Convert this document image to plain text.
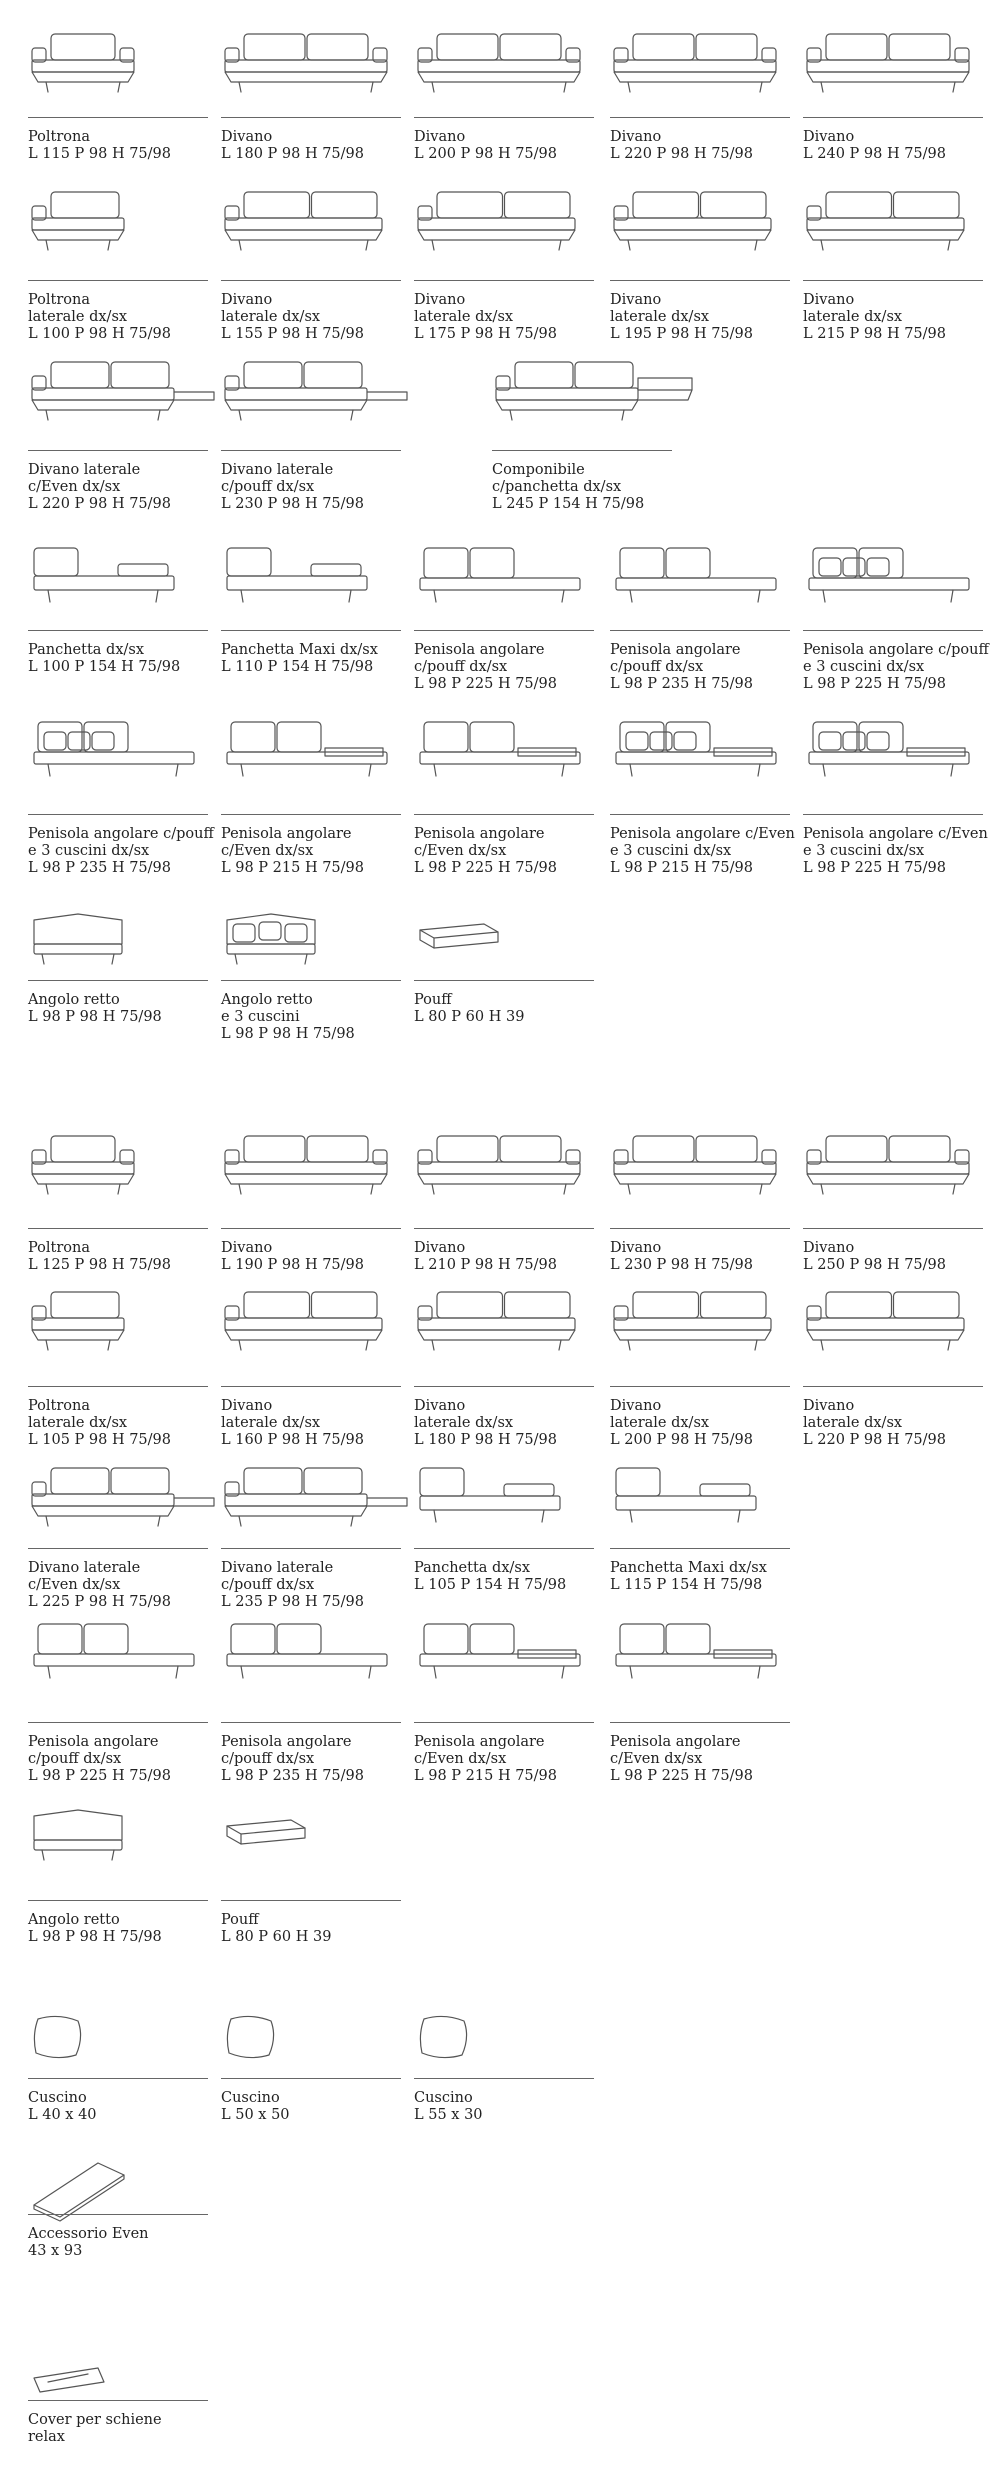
Poltrona
L 115 P 98 H 75/98
Divano
L 180 P 98 H 75/98
Divano
L 200 P 98 H 75/98
Divano
L 220 P 98 H 75/98
Divano
L 240 P 98 H 75/98
Poltrona
laterale dx/sx
L 100 P 98 H 75/98
Divano
laterale dx/sx
L 155 P 98 H 75/98
Divano
laterale dx/sx
L 175 P 98 H 75/98
Divano
laterale dx/sx
L 195 P 98 H 75/98
Divano
laterale dx/sx
L 215 P 98 H 75/98
Divano laterale
c/Even dx/sx
L 220 P 98 H 75/98
Divano laterale
c/pouff dx/sx
L 230 P 98 H 75/98
Componibile
c/panchetta dx/sx
L 245 P 154 H 75/98
Panchetta dx/sx
L 100 P 154 H 75/98
Panchetta Maxi dx/sx
L 110 P 154 H 75/98
Penisola angolare
c/pouff dx/sx
L 98 P 225 H 75/98
Penisola angolare
c/pouff dx/sx
L 98 P 235 H 75/98
Penisola angolare c/pouff
e 3 cuscini dx/sx
L 98 P 225 H 75/98
Penisola angolare c/pouff
e 3 cuscini dx/sx
L 98 P 235 H 75/98
Penisola angolare
c/Even dx/sx
L 98 P 215 H 75/98
Penisola angolare
c/Even dx/sx
L 98 P 225 H 75/98
Penisola angolare c/Even
e 3 cuscini dx/sx
L 98 P 215 H 75/98
Penisola angolare c/Even
e 3 cuscini dx/sx
L 98 P 225 H 75/98
Angolo retto
L 98 P 98 H 75/98
Angolo retto
e 3 cuscini
L 98 P 98 H 75/98
Pouff
L 80 P 60 H 39
Poltrona
L 125 P 98 H 75/98
Divano
L 190 P 98 H 75/98
Divano
L 210 P 98 H 75/98
Divano
L 230 P 98 H 75/98
Divano
L 250 P 98 H 75/98
Poltrona
laterale dx/sx
L 105 P 98 H 75/98
Divano
laterale dx/sx
L 160 P 98 H 75/98
Divano
laterale dx/sx
L 180 P 98 H 75/98
Divano
laterale dx/sx
L 200 P 98 H 75/98
Divano
laterale dx/sx
L 220 P 98 H 75/98
Divano laterale
c/Even dx/sx
L 225 P 98 H 75/98
Divano laterale
c/pouff dx/sx
L 235 P 98 H 75/98
Panchetta dx/sx
L 105 P 154 H 75/98
Panchetta Maxi dx/sx
L 115 P 154 H 75/98
Penisola angolare
c/pouff dx/sx
L 98 P 225 H 75/98
Penisola angolare
c/pouff dx/sx
L 98 P 235 H 75/98
Penisola angolare
c/Even dx/sx
L 98 P 215 H 75/98
Penisola angolare
c/Even dx/sx
L 98 P 225 H 75/98
Angolo retto
L 98 P 98 H 75/98
Pouff
L 80 P 60 H 39
Cuscino
L 40 x 40
Cuscino
L 50 x 50
Cuscino
L 55 x 30
Accessorio Even
43 x 93
Cover per schiene
relax
